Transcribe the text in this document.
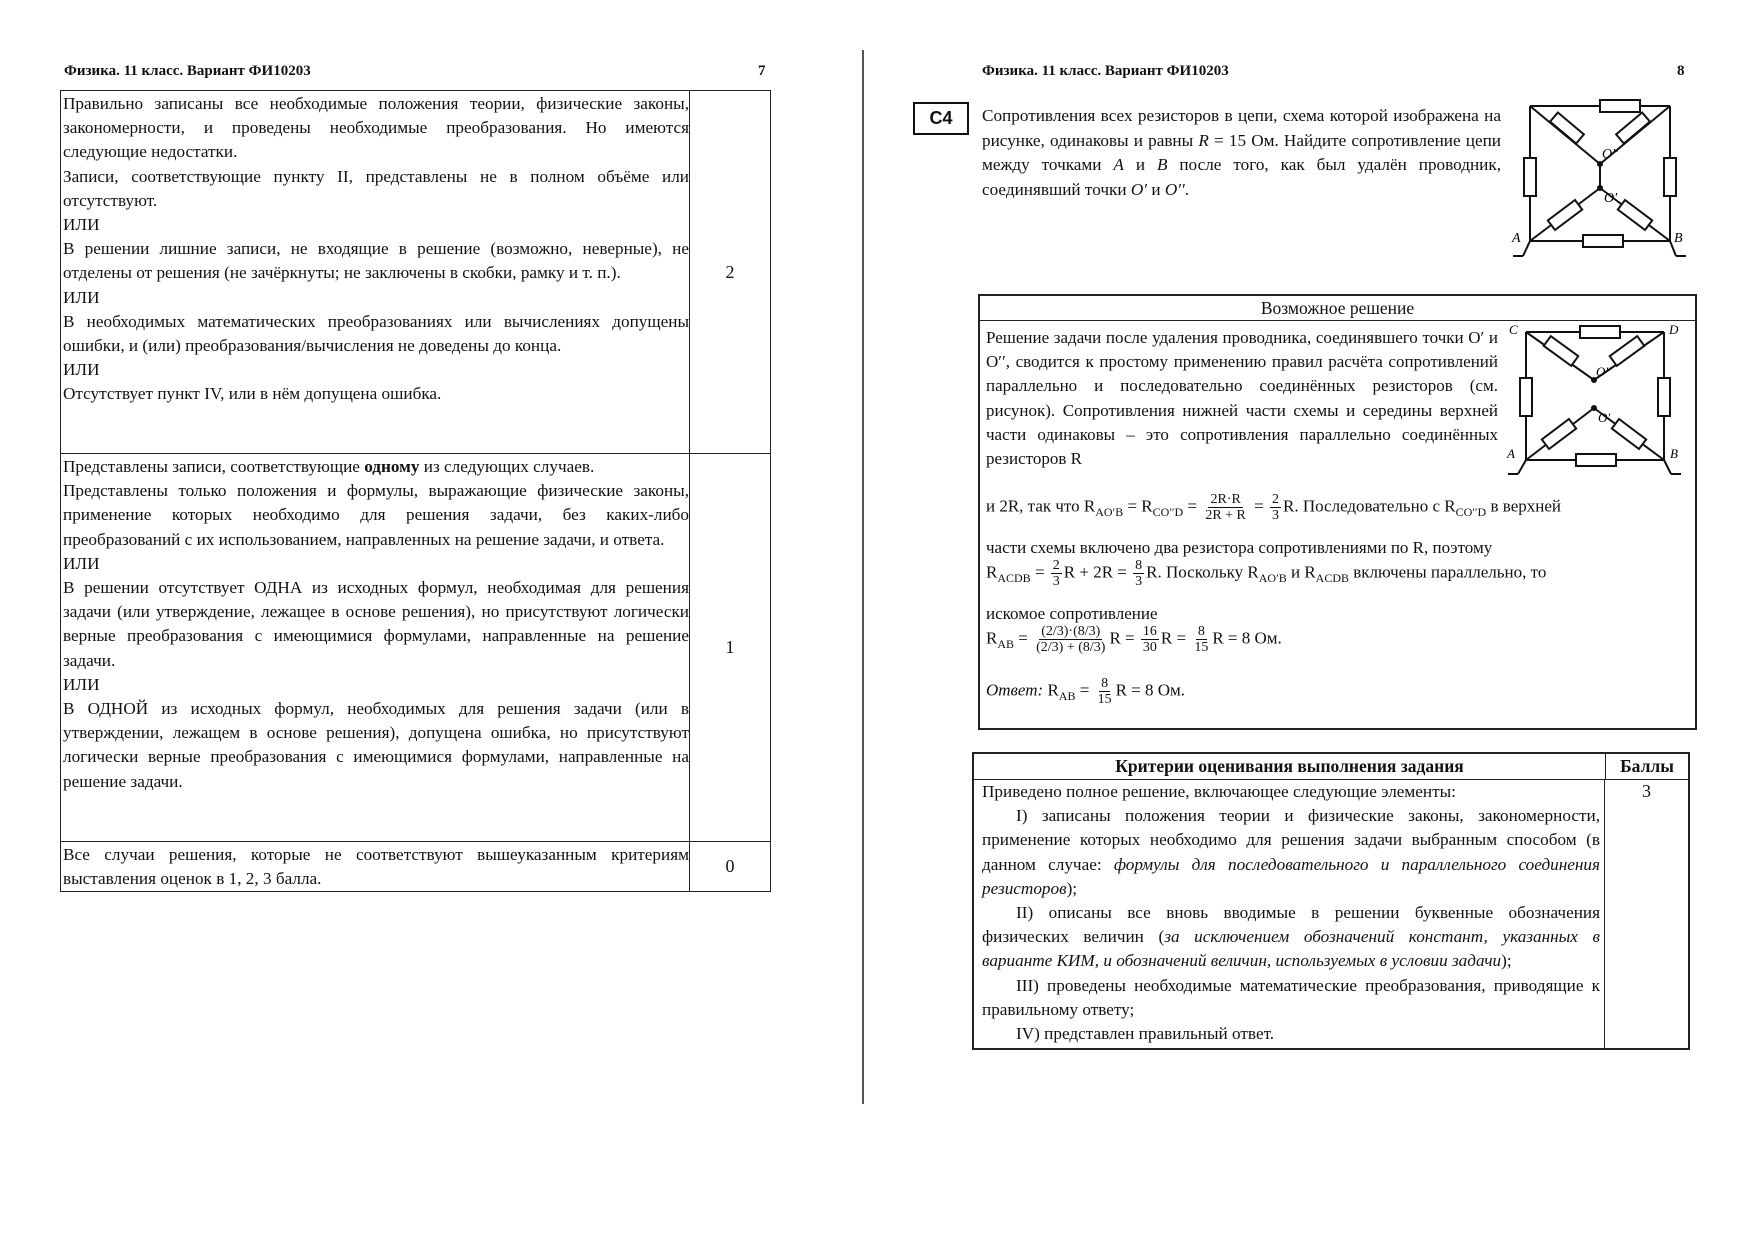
Физика. 11 класс. Вариант ФИ10203	7

Правильно записаны все необходимые положения теории, физические законы, закономерности, и проведены необходимые преобразования. Но имеются следующие недостатки.

Записи, соответствующие пункту II, представлены не в полном объёме или отсутствуют.

ИЛИ

В решении лишние записи, не входящие в решение (возможно, неверные), не отделены от решения (не зачёркнуты; не заключены в скобки, рамку и т. п.).

ИЛИ

В необходимых математических преобразованиях или вычислениях допущены ошибки, и (или) преобразования/вычисления не доведены до конца.

ИЛИ

Отсутствует пункт IV, или в нём допущена ошибка.

2

Представлены записи, соответствующие одному из следующих случаев.

Представлены только положения и формулы, выражающие физические законы, применение которых необходимо для решения задачи, без каких-либо преобразований с их использованием, направленных на решение задачи, и ответа.

ИЛИ

В решении отсутствует ОДНА из исходных формул, необходимая для решения задачи (или утверждение, лежащее в основе решения), но присутствуют логически верные преобразования с имеющимися формулами, направленные на решение задачи.

ИЛИ

В ОДНОЙ из исходных формул, необходимых для решения задачи (или в утверждении, лежащем в основе решения), допущена ошибка, но присутствуют логически верные преобразования с имеющимися формулами, направленные на решение задачи.

1

Все случаи решения, которые не соответствуют вышеуказанным критериям выставления оценок в 1, 2, 3 балла.

0
Физика. 11 класс. Вариант ФИ10203	8
С4	Сопротивления всех резисторов в цепи, схема которой изображена на рисунке, одинаковы и равны R = 15 Ом. Найдите сопротивление цепи между точками A и B после того, как был удалён проводник, соединявший точки O′ и O′′.
O′′
O′
A	B
Возможное решение
Решение задачи после удаления проводника, соединявшего точки O′ и O′′, сводится к простому применению правил расчёта сопротивлений параллельно и последовательно соединённых резисторов (см. рисунок). Сопротивления нижней части схемы и середины верхней части одинаковы – это сопротивления параллельно соединённых резисторов R
C	D
O′′
O′
A	B
и 2R, так что $R_{AO'B} = R_{CO''D} = \frac{2R\cdot R}{2R + R} = \frac{2}{3} R$. Последовательно с $R_{CO''D}$ в верхней
части схемы включено два резистора сопротивлениями по R, поэтому
$R_{ACDB} = \frac{2}{3}$ $R + 2R = \frac{8}{3} R$. Поскольку $R_{AO'B}$ и $R_{ACDB}$ включены параллельно, то
искомое сопротивление
$R_{AB} = \frac{(2/3)\cdot(8/3)}{(2/3) + (8/3)}$ $R = \frac{16}{30}$ $R = \frac{8}{15}$ R = 8 Ом.
Ответ: $R_{AB} = \frac{8}{15}$ R = 8 Ом.
Критерии оценивания выполнения задания	Баллы

Приведено полное решение, включающее следующие элементы:

I) записаны положения теории и физические законы, закономерности, применение которых необходимо для решения задачи выбранным способом (в данном случае: формулы для последовательного и параллельного соединения резисторов);

II) описаны все вновь вводимые в решении буквенные обозначения физических величин (за исключением обозначений констант, указанных в варианте КИМ, и обозначений величин, используемых в условии задачи);

III) проведены необходимые математические преобразования, приводящие к правильному ответу;

IV) представлен правильный ответ.

3
